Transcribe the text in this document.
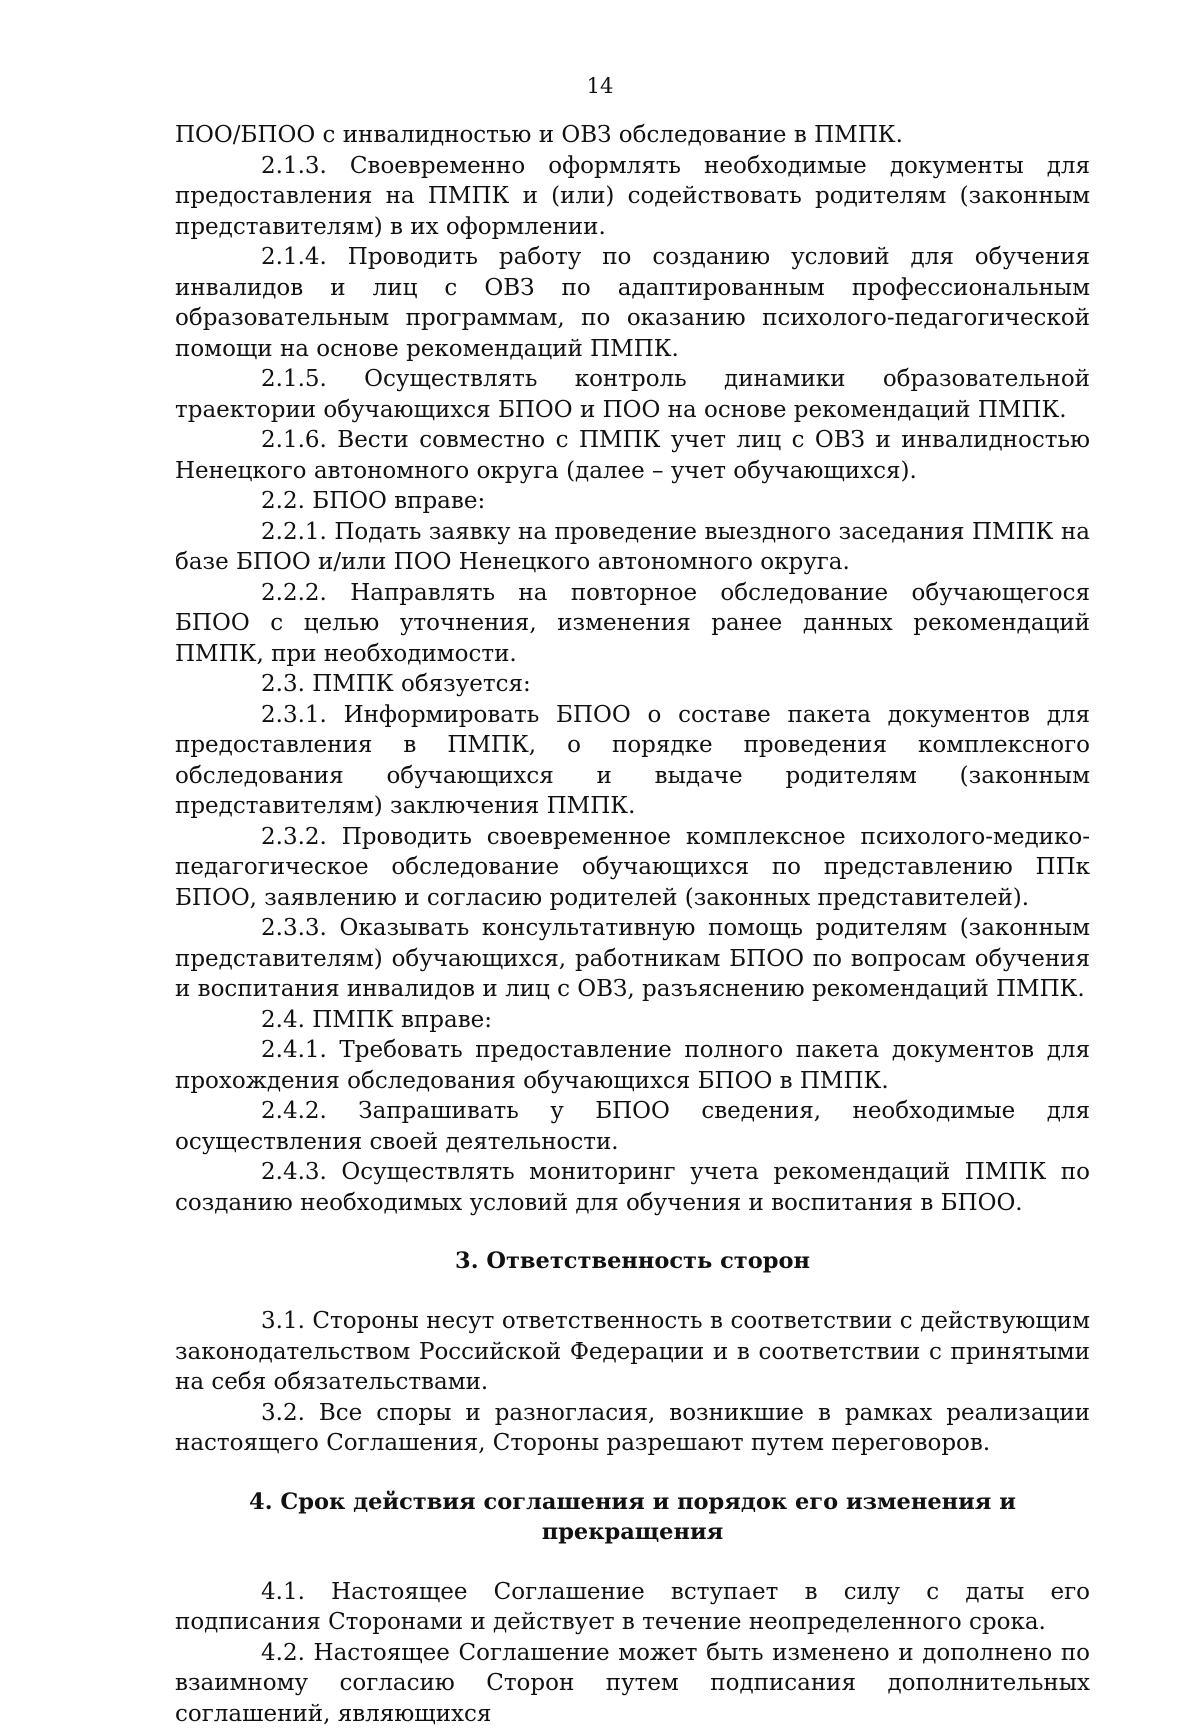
14

ПОО/БПОО с инвалидностью и ОВЗ обследование в ПМПК.

2.1.3. Своевременно оформлять необходимые документы для предоставления на ПМПК и (или) содействовать родителям (законным представителям) в их оформлении.

2.1.4. Проводить работу по созданию условий для обучения инвалидов и лиц с ОВЗ по адаптированным профессиональным образовательным программам, по оказанию психолого-педагогической помощи на основе рекомендаций ПМПК.

2.1.5. Осуществлять контроль динамики образовательной траектории обучающихся БПОО и ПОО на основе рекомендаций ПМПК.

2.1.6. Вести совместно с ПМПК учет лиц с ОВЗ и инвалидностью Ненецкого автономного округа (далее – учет обучающихся).

2.2. БПОО вправе:

2.2.1. Подать заявку на проведение выездного заседания ПМПК на базе БПОО и/или ПОО Ненецкого автономного округа.

2.2.2. Направлять на повторное обследование обучающегося БПОО с целью уточнения, изменения ранее данных рекомендаций ПМПК, при необходимости.

2.3. ПМПК обязуется:

2.3.1. Информировать БПОО о составе пакета документов для предоставления в ПМПК, о порядке проведения комплексного обследования обучающихся и выдаче родителям (законным представителям) заключения ПМПК.

2.3.2. Проводить своевременное комплексное психолого-медико-педагогическое обследование обучающихся по представлению ППк БПОО, заявлению и согласию родителей (законных представителей).

2.3.3. Оказывать консультативную помощь родителям (законным представителям) обучающихся, работникам БПОО по вопросам обучения и воспитания инвалидов и лиц с ОВЗ, разъяснению рекомендаций ПМПК.

2.4. ПМПК вправе:

2.4.1. Требовать предоставление полного пакета документов для прохождения обследования обучающихся БПОО в ПМПК.

2.4.2. Запрашивать у БПОО сведения, необходимые для осуществления своей деятельности.

2.4.3. Осуществлять мониторинг учета рекомендаций ПМПК по созданию необходимых условий для обучения и воспитания в БПОО.

3. Ответственность сторон

3.1. Стороны несут ответственность в соответствии с действующим законодательством Российской Федерации и в соответствии с принятыми на себя обязательствами.

3.2. Все споры и разногласия, возникшие в рамках реализации настоящего Соглашения, Стороны разрешают путем переговоров.

4. Срок действия соглашения и порядок его изменения и прекращения

4.1. Настоящее Соглашение вступает в силу с даты его подписания Сторонами и действует в течение неопределенного срока.

4.2. Настоящее Соглашение может быть изменено и дополнено по взаимному согласию Сторон путем подписания дополнительных соглашений, являющихся
